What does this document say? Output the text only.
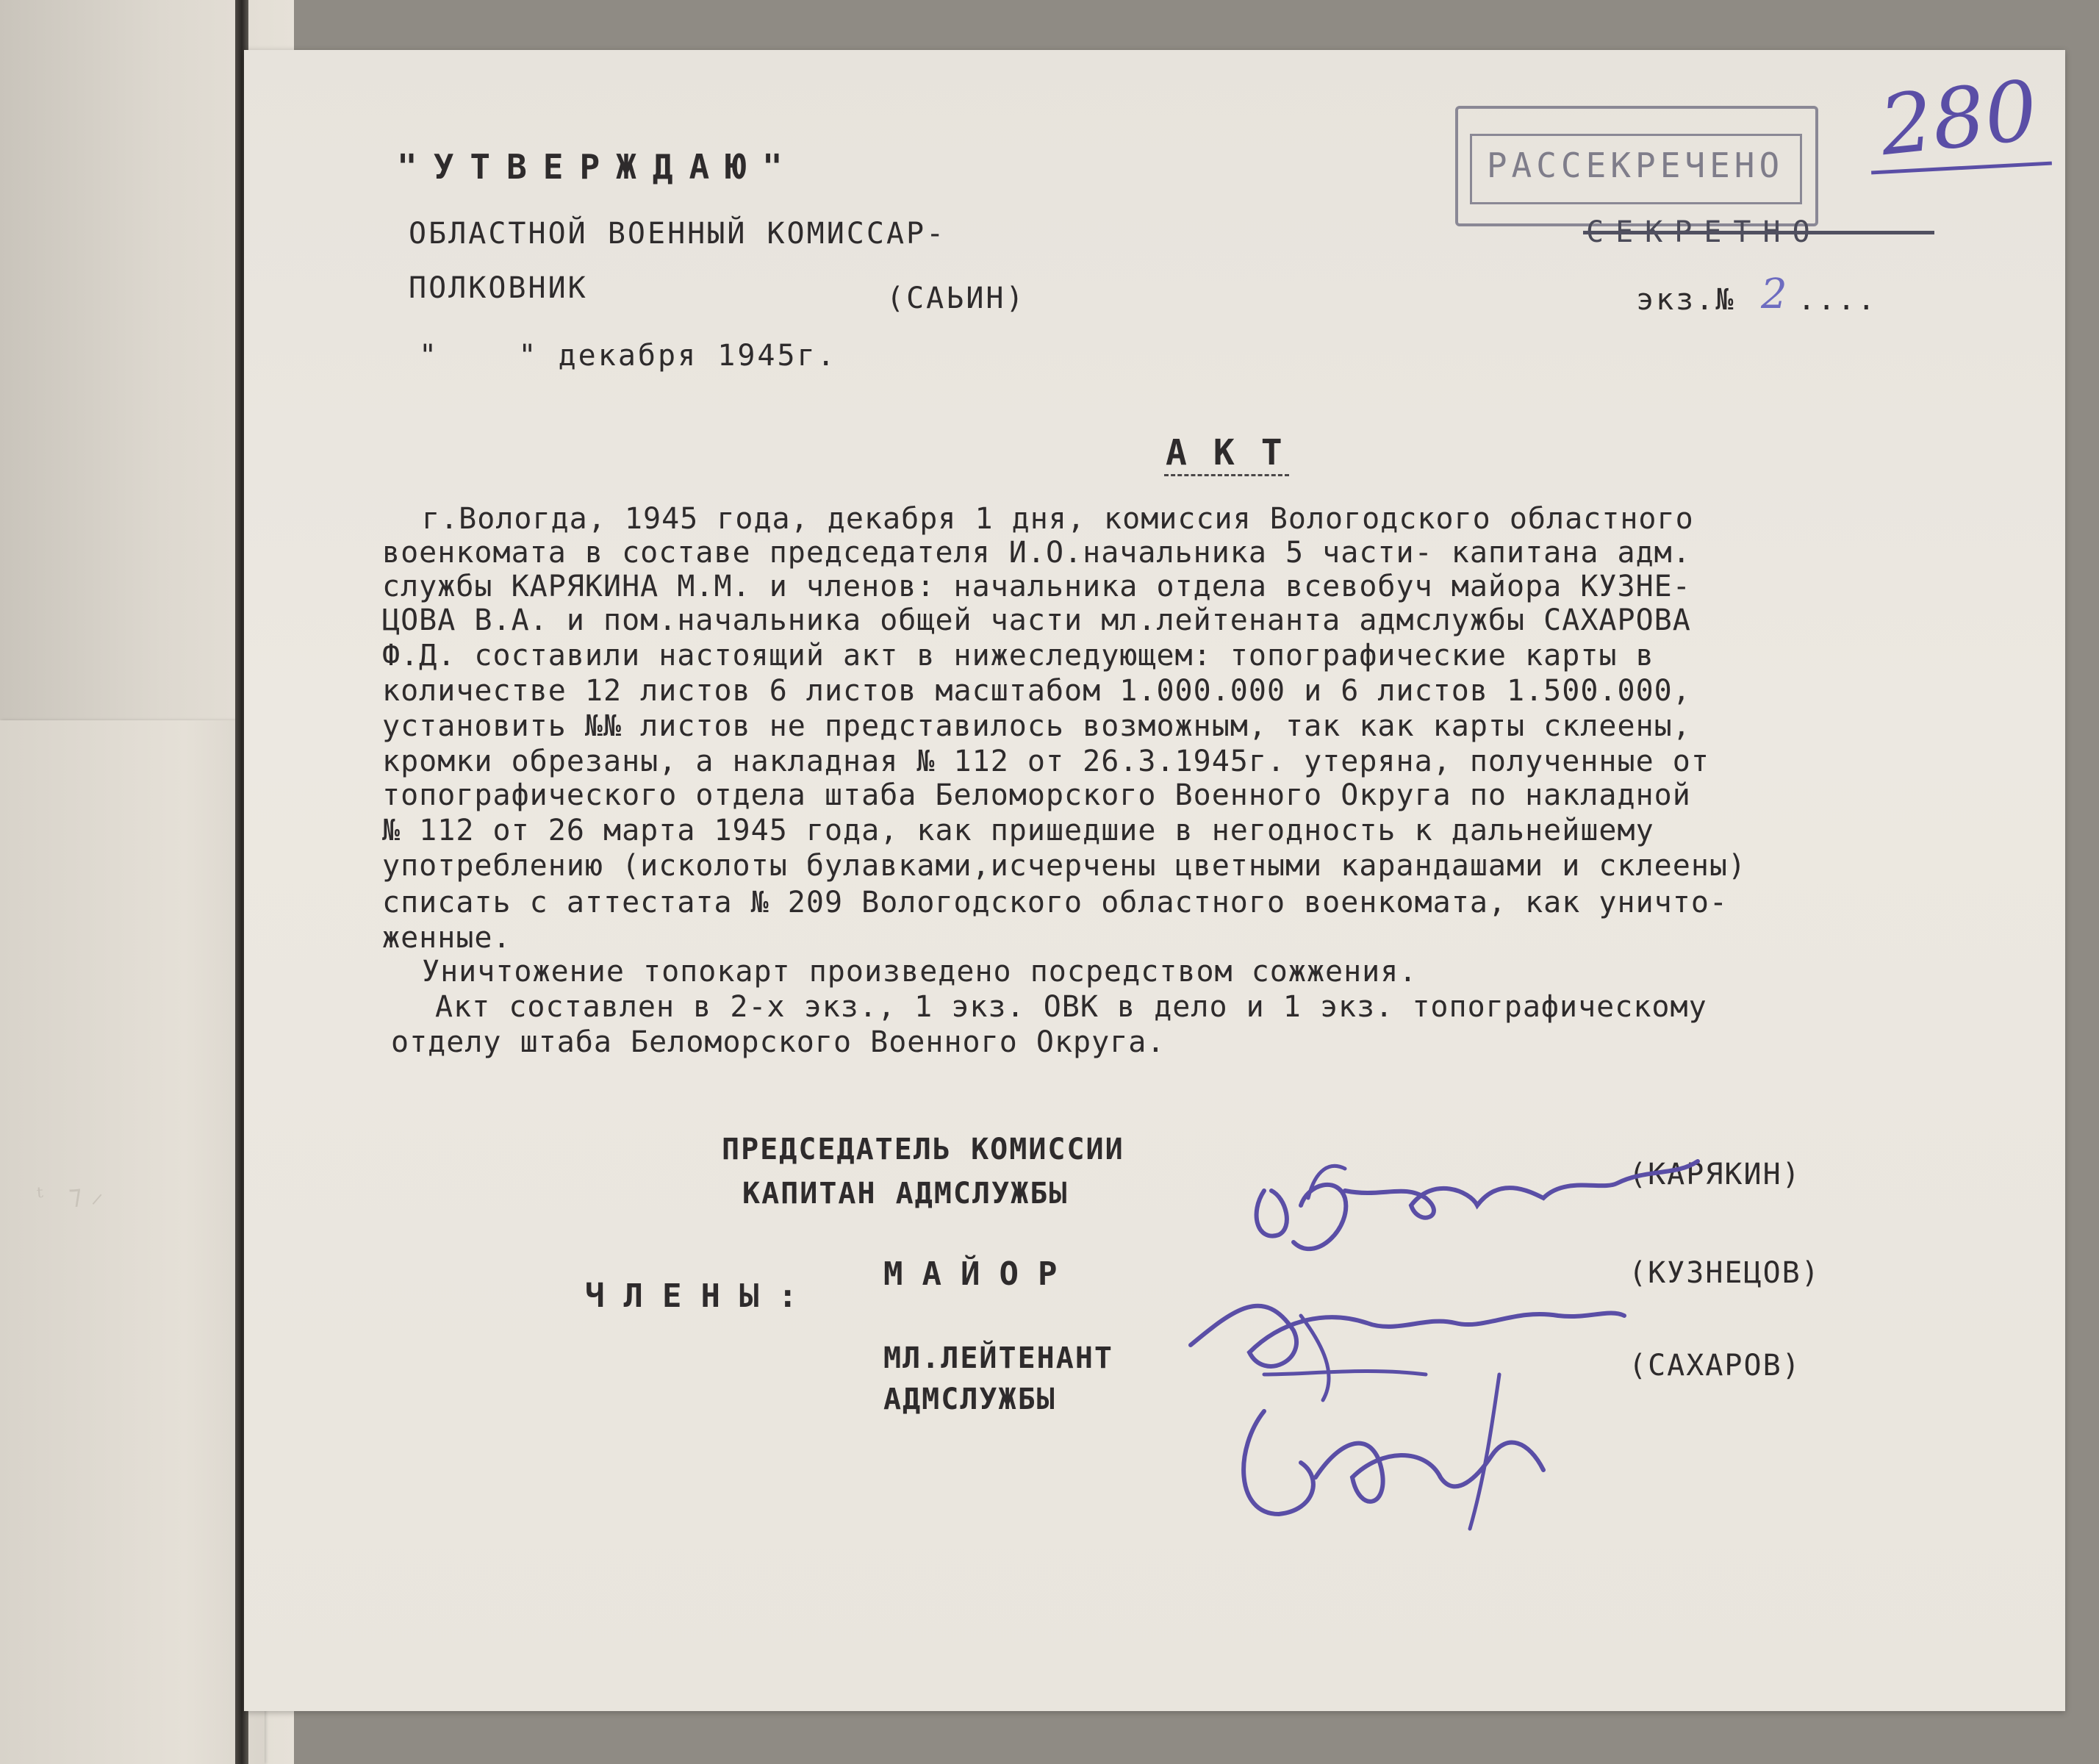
ᵗ   ⁊ ⸝
"УТВЕРЖДАЮ"
ОБЛАСТНОЙ ВОЕННЫЙ КОМИССАР-
ПОЛКОВНИК	(САЬИН)
"    " декабря 1945г.
РАССЕКРЕЧЕНО
СЕКРЕТНО
экз.№ 2 ....
280
АКТ
г.Вологда, 1945 года, декабря 1 дня, комиссия Вологодского областного
военкомата в составе председателя И.О.начальника 5 части- капитана адм.
службы КАРЯКИНА М.М. и членов: начальника отдела всевобуч майора КУЗНЕ-
ЦОВА В.А. и пом.начальника общей части мл.лейтенанта адмслужбы САХАРОВА
Ф.Д. составили настоящий акт в нижеследующем: топографические карты в
количестве 12 листов 6 листов масштабом 1.000.000 и 6 листов 1.500.000,
установить №№ листов не представилось возможным, так как карты склеены,
кромки обрезаны, а накладная № 112 от 26.3.1945г. утеряна, полученные от
топографического отдела штаба Беломорского Военного Округа по накладной
№ 112 от 26 марта 1945 года, как пришедшие в негодность к дальнейшему
употреблению (исколоты булавками,исчерчены цветными карандашами и склеены)
списать с аттестата № 209 Вологодского областного военкомата, как уничто-
женные.
Уничтожение топокарт произведено посредством сожжения.
Акт составлен в 2-х экз., 1 экз. ОВК в дело и 1 экз. топографическому
отделу штаба Беломорского Военного Округа.
ПРЕДСЕДАТЕЛЬ КОМИССИИ
КАПИТАН АДМСЛУЖБЫ
(КАРЯКИН)
ЧЛЕНЫ:
МАЙОР	(КУЗНЕЦОВ)
МЛ.ЛЕЙТЕНАНТ
АДМСЛУЖБЫ
(САХАРОВ)
